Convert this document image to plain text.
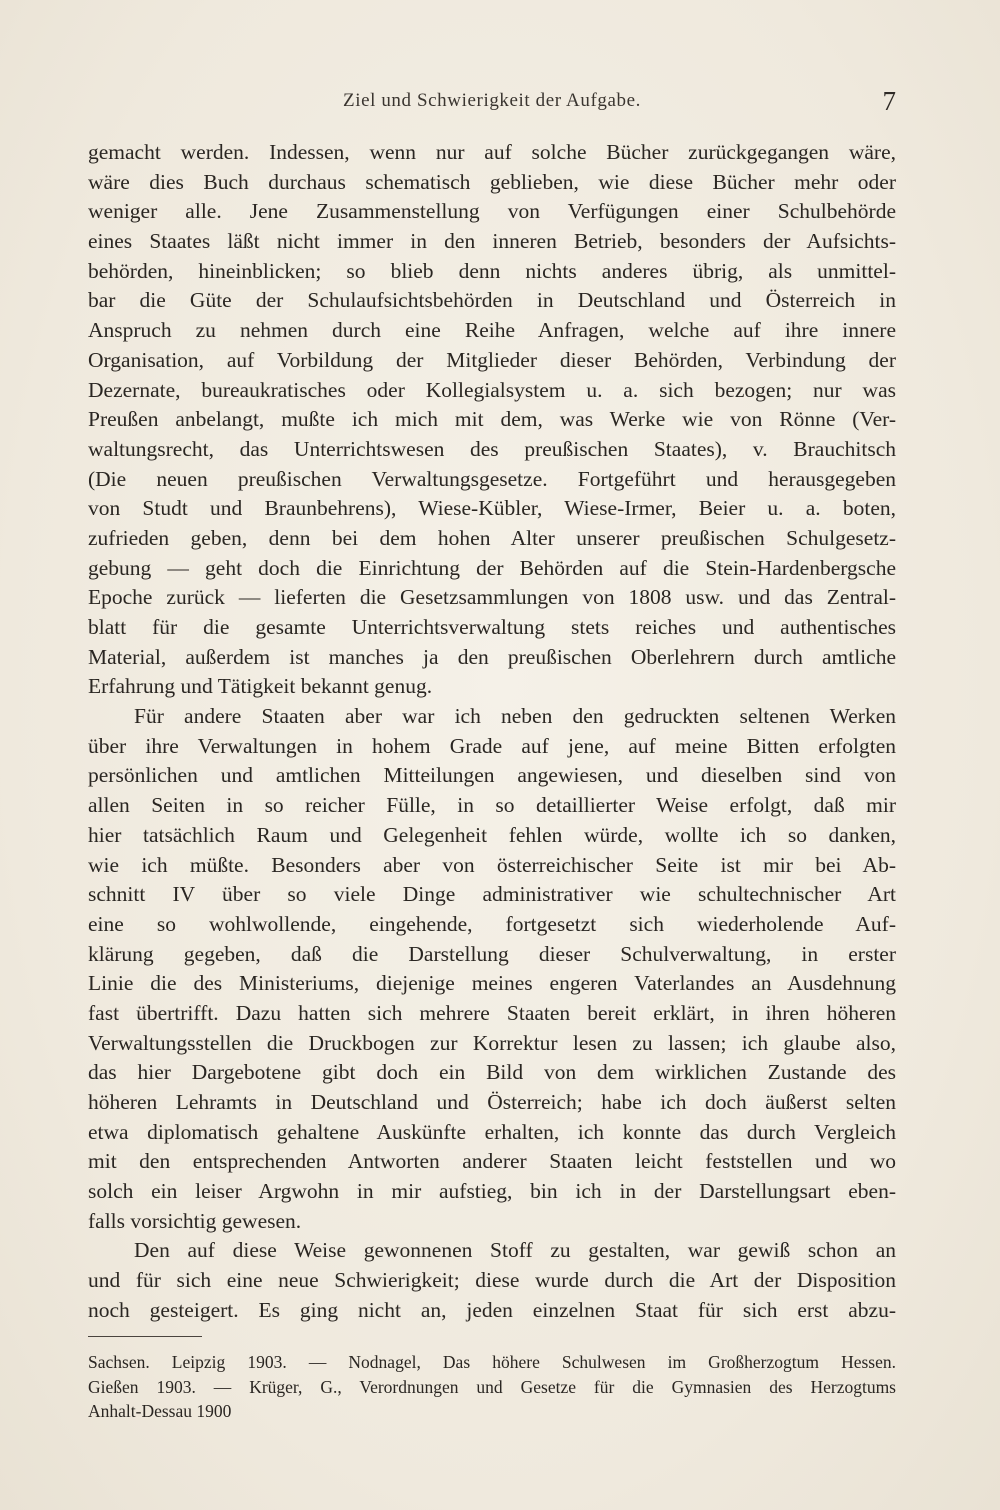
Ziel und Schwierigkeit der Aufgabe.	7
gemacht werden. Indessen, wenn nur auf solche Bücher zurückgegangen wäre,
wäre dies Buch durchaus schematisch geblieben, wie diese Bücher mehr oder
weniger alle. Jene Zusammenstellung von Verfügungen einer Schulbehörde
eines Staates läßt nicht immer in den inneren Betrieb, besonders der Aufsichts-
behörden, hineinblicken; so blieb denn nichts anderes übrig, als unmittel-
bar die Güte der Schulaufsichtsbehörden in Deutschland und Österreich in
Anspruch zu nehmen durch eine Reihe Anfragen, welche auf ihre innere
Organisation, auf Vorbildung der Mitglieder dieser Behörden, Verbindung der
Dezernate, bureaukratisches oder Kollegialsystem u. a. sich bezogen; nur was
Preußen anbelangt, mußte ich mich mit dem, was Werke wie von Rönne (Ver-
waltungsrecht, das Unterrichtswesen des preußischen Staates), v. Brauchitsch
(Die neuen preußischen Verwaltungsgesetze. Fortgeführt und herausgegeben
von Studt und Braunbehrens), Wiese-Kübler, Wiese-Irmer, Beier u. a. boten,
zufrieden geben, denn bei dem hohen Alter unserer preußischen Schulgesetz-
gebung — geht doch die Einrichtung der Behörden auf die Stein-Hardenbergsche
Epoche zurück — lieferten die Gesetzsammlungen von 1808 usw. und das Zentral-
blatt für die gesamte Unterrichtsverwaltung stets reiches und authentisches
Material, außerdem ist manches ja den preußischen Oberlehrern durch amtliche
Erfahrung und Tätigkeit bekannt genug.
Für andere Staaten aber war ich neben den gedruckten seltenen Werken
über ihre Verwaltungen in hohem Grade auf jene, auf meine Bitten erfolgten
persönlichen und amtlichen Mitteilungen angewiesen, und dieselben sind von
allen Seiten in so reicher Fülle, in so detaillierter Weise erfolgt, daß mir
hier tatsächlich Raum und Gelegenheit fehlen würde, wollte ich so danken,
wie ich müßte. Besonders aber von österreichischer Seite ist mir bei Ab-
schnitt IV über so viele Dinge administrativer wie schultechnischer Art
eine so wohlwollende, eingehende, fortgesetzt sich wiederholende Auf-
klärung gegeben, daß die Darstellung dieser Schulverwaltung, in erster
Linie die des Ministeriums, diejenige meines engeren Vaterlandes an Ausdehnung
fast übertrifft. Dazu hatten sich mehrere Staaten bereit erklärt, in ihren höheren
Verwaltungsstellen die Druckbogen zur Korrektur lesen zu lassen; ich glaube also,
das hier Dargebotene gibt doch ein Bild von dem wirklichen Zustande des
höheren Lehramts in Deutschland und Österreich; habe ich doch äußerst selten
etwa diplomatisch gehaltene Auskünfte erhalten, ich konnte das durch Vergleich
mit den entsprechenden Antworten anderer Staaten leicht feststellen und wo
solch ein leiser Argwohn in mir aufstieg, bin ich in der Darstellungsart eben-
falls vorsichtig gewesen.
Den auf diese Weise gewonnenen Stoff zu gestalten, war gewiß schon an
und für sich eine neue Schwierigkeit; diese wurde durch die Art der Disposition
noch gesteigert. Es ging nicht an, jeden einzelnen Staat für sich erst abzu-
Sachsen. Leipzig 1903. — Nodnagel, Das höhere Schulwesen im Großherzogtum Hessen.
Gießen 1903. — Krüger, G., Verordnungen und Gesetze für die Gymnasien des Herzogtums
Anhalt-Dessau 1900
